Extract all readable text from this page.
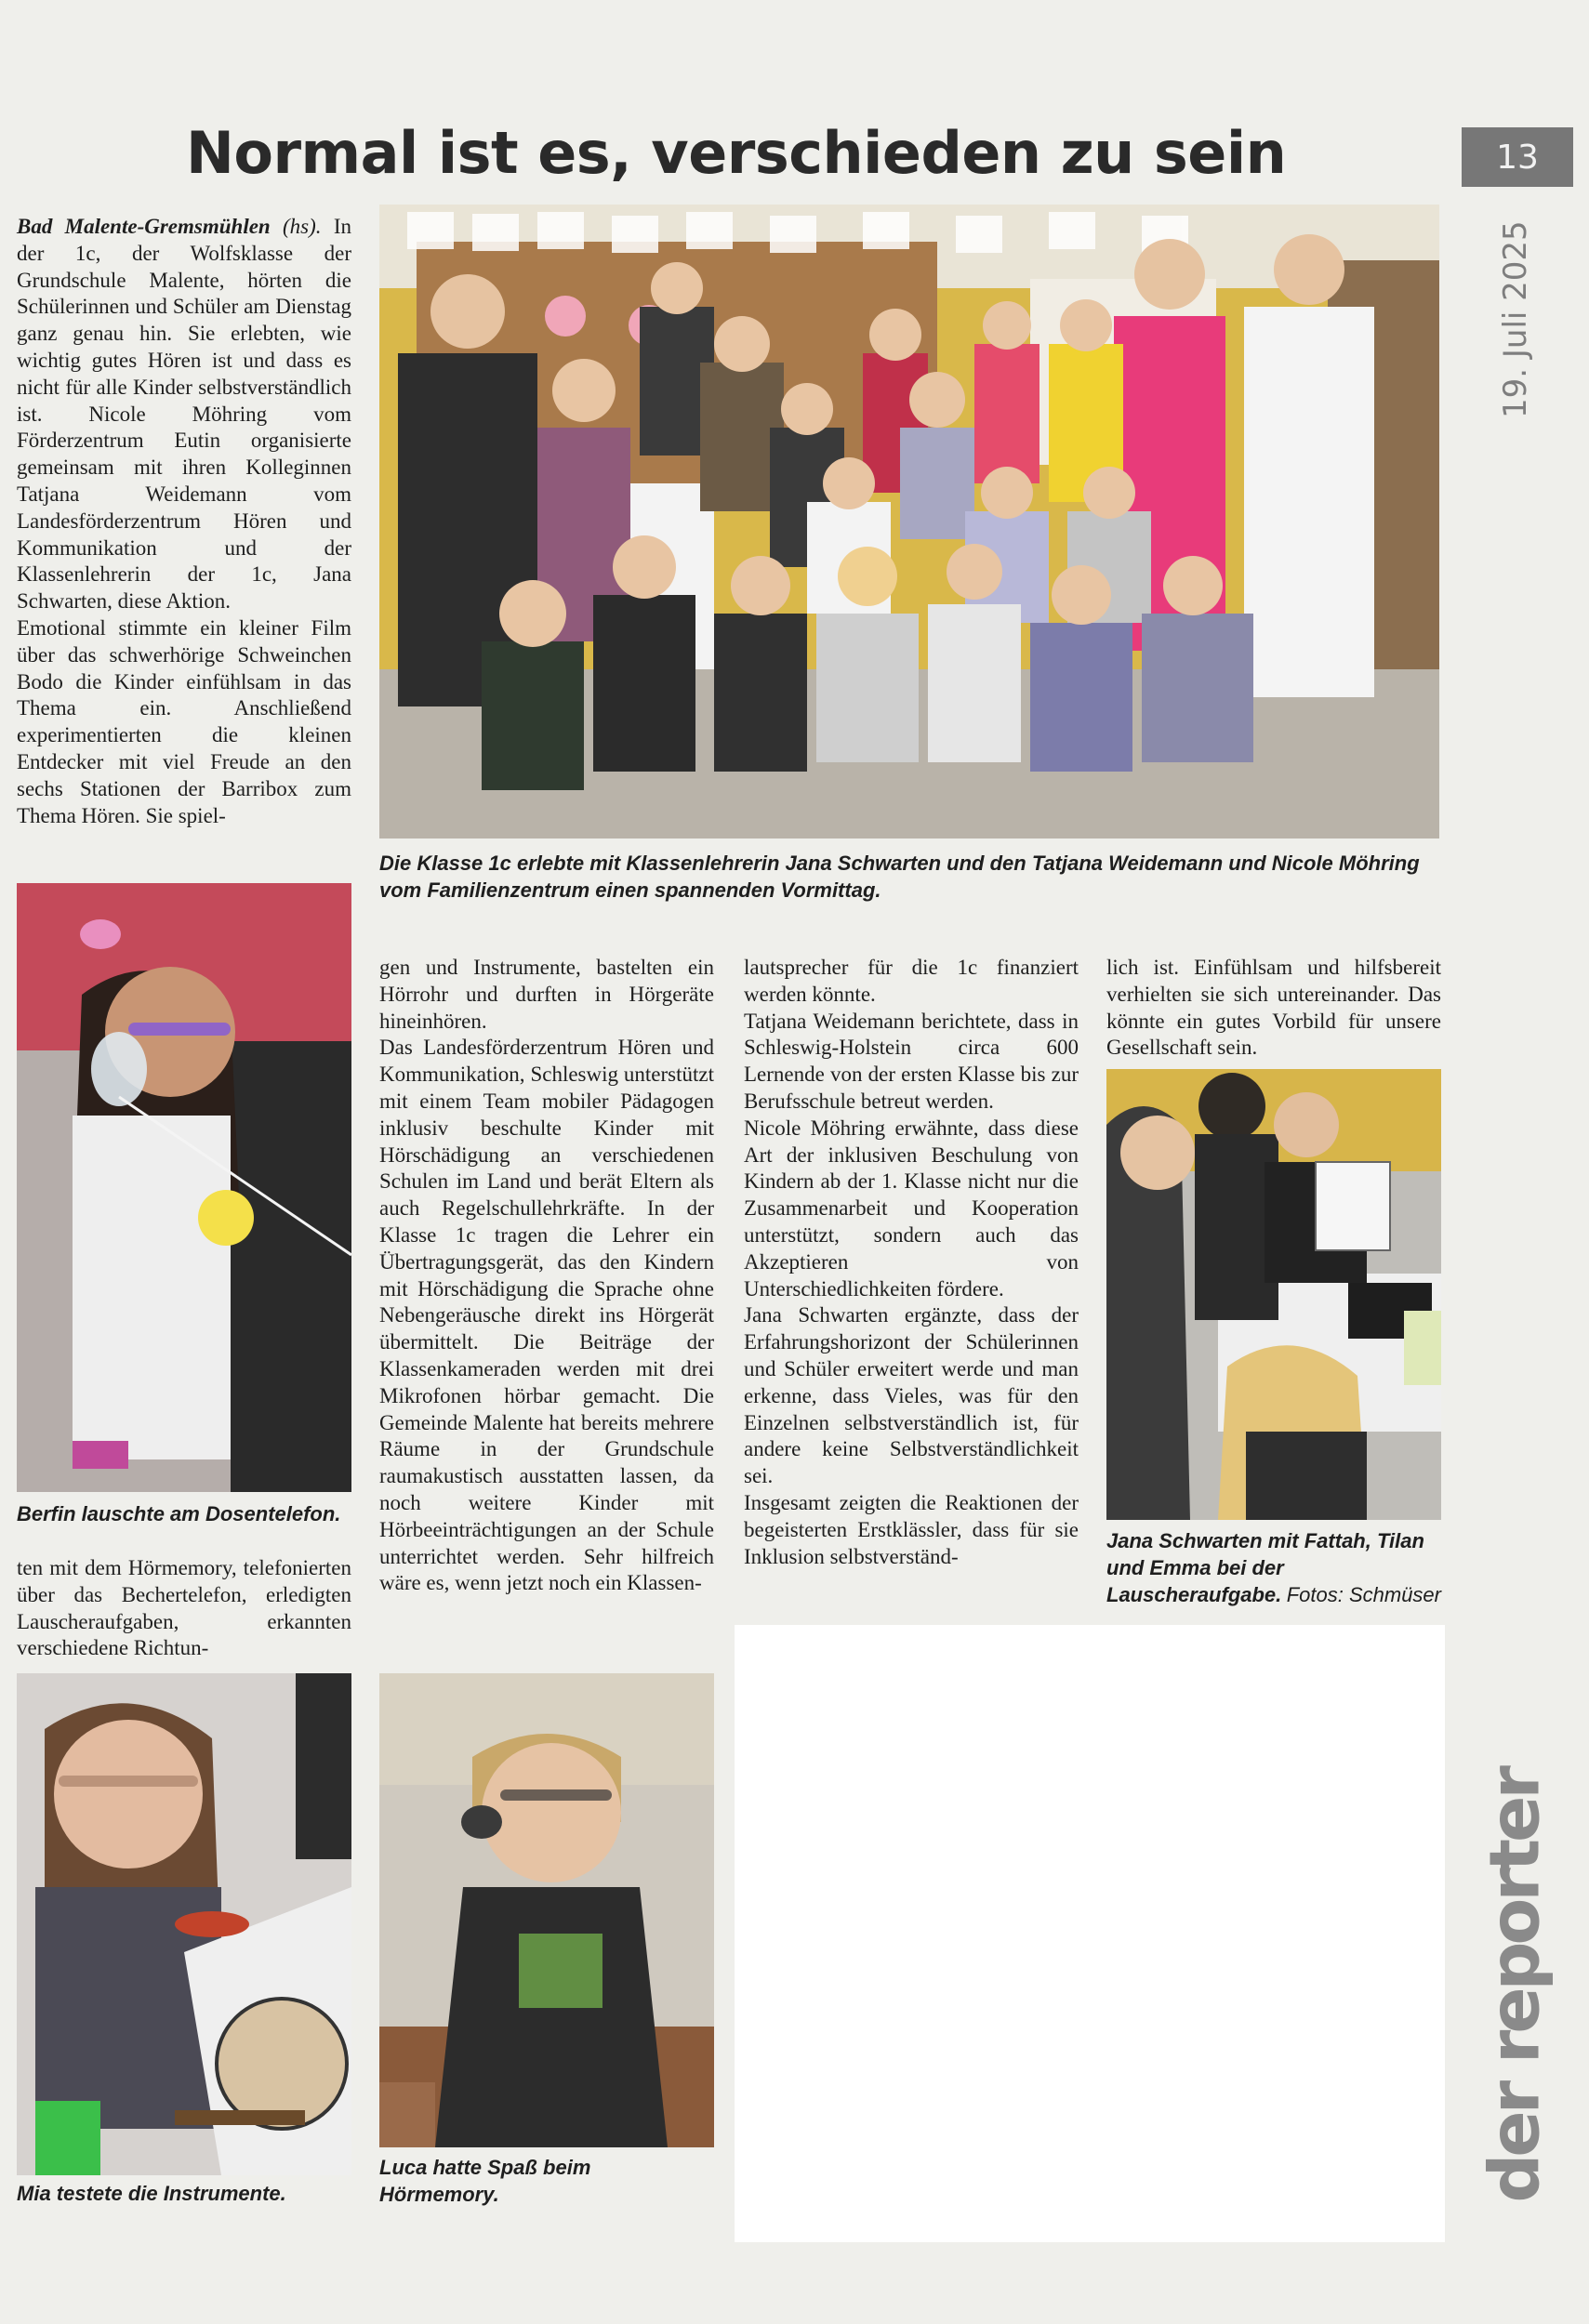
Normal ist es, verschieden zu sein	13
19. Juli 2025
der reporter

Bad Malente-Gremsmühlen (hs). In der 1c, der Wolfsklasse der Grundschule Malente, hörten die Schülerinnen und Schüler am Dienstag ganz genau hin. Sie erlebten, wie wichtig gutes Hören ist und dass es nicht für alle Kinder selbstverständlich ist. Nicole Möhring vom Förderzentrum Eutin organisierte gemeinsam mit ihren Kolleginnen Tatjana Weidemann vom Landesförderzentrum Hören und Kommunikation und der Klassenlehrerin der 1c, Jana Schwarten, diese Aktion.

Emotional stimmte ein kleiner Film über das schwerhörige Schweinchen Bodo die Kinder einfühlsam in das Thema ein. Anschließend experimentierten die kleinen Entdecker mit viel Freude an den sechs Stationen der Barribox zum Thema Hören. Sie spiel-

Die Klasse 1c erlebte mit Klassenlehrerin Jana Schwarten und den Tatjana Weidemann und Nicole Möhring vom Familienzentrum einen spannenden Vormittag.
Berfin lauschte am Dosentelefon.
ten mit dem Hörmemory, telefonierten über das Bechertelefon, erledigten Lauscheraufgaben, erkannten verschiedene Richtun-
Mia testete die Instrumente.

gen und Instrumente, bastelten ein Hörrohr und durften in Hörgeräte hineinhören.

Das Landesförderzentrum Hören und Kommunikation, Schleswig unterstützt mit einem Team mobiler Pädagogen inklusiv beschulte Kinder mit Hörschädigung an verschiedenen Schulen im Land und berät Eltern als auch Regelschullehrkräfte. In der Klasse 1c tragen die Lehrer ein Übertragungsgerät, das den Kindern mit Hörschädigung die Sprache ohne Nebengeräusche direkt ins Hörgerät übermittelt. Die Beiträge der Klassenkameraden werden mit drei Mikrofonen hörbar gemacht. Die Gemeinde Malente hat bereits mehrere Räume in der Grundschule raumakustisch ausstatten lassen, da noch weitere Kinder mit Hörbeeinträchtigungen an der Schule unterrichtet werden. Sehr hilfreich wäre es, wenn jetzt noch ein Klassen-

Luca hatte Spaß beim Hörmemory.

lautsprecher für die 1c finanziert werden könnte.

Tatjana Weidemann berichtete, dass in Schleswig-Holstein circa 600 Lernende von der ersten Klasse bis zur Berufsschule betreut werden.

Nicole Möhring erwähnte, dass diese Art der inklusiven Beschulung von Kindern ab der 1. Klasse nicht nur die Zusammenarbeit und Kooperation unterstützt, sondern auch das Akzeptieren von Unterschiedlichkeiten fördere.

Jana Schwarten ergänzte, dass der Erfahrungshorizont der Schülerinnen und Schüler erweitert werde und man erkenne, dass Vieles, was für den Einzelnen selbstverständlich ist, für andere keine Selbstverständlichkeit sei.

Insgesamt zeigten die Reaktionen der begeisterten Erstklässler, dass für sie Inklusion selbstverständ-

lich ist. Einfühlsam und hilfsbereit verhielten sie sich untereinander. Das könnte ein gutes Vorbild für unsere Gesellschaft sein.

Jana Schwarten mit Fattah, Tilan und Emma bei der Lauscheraufgabe. Fotos: Schmüser
